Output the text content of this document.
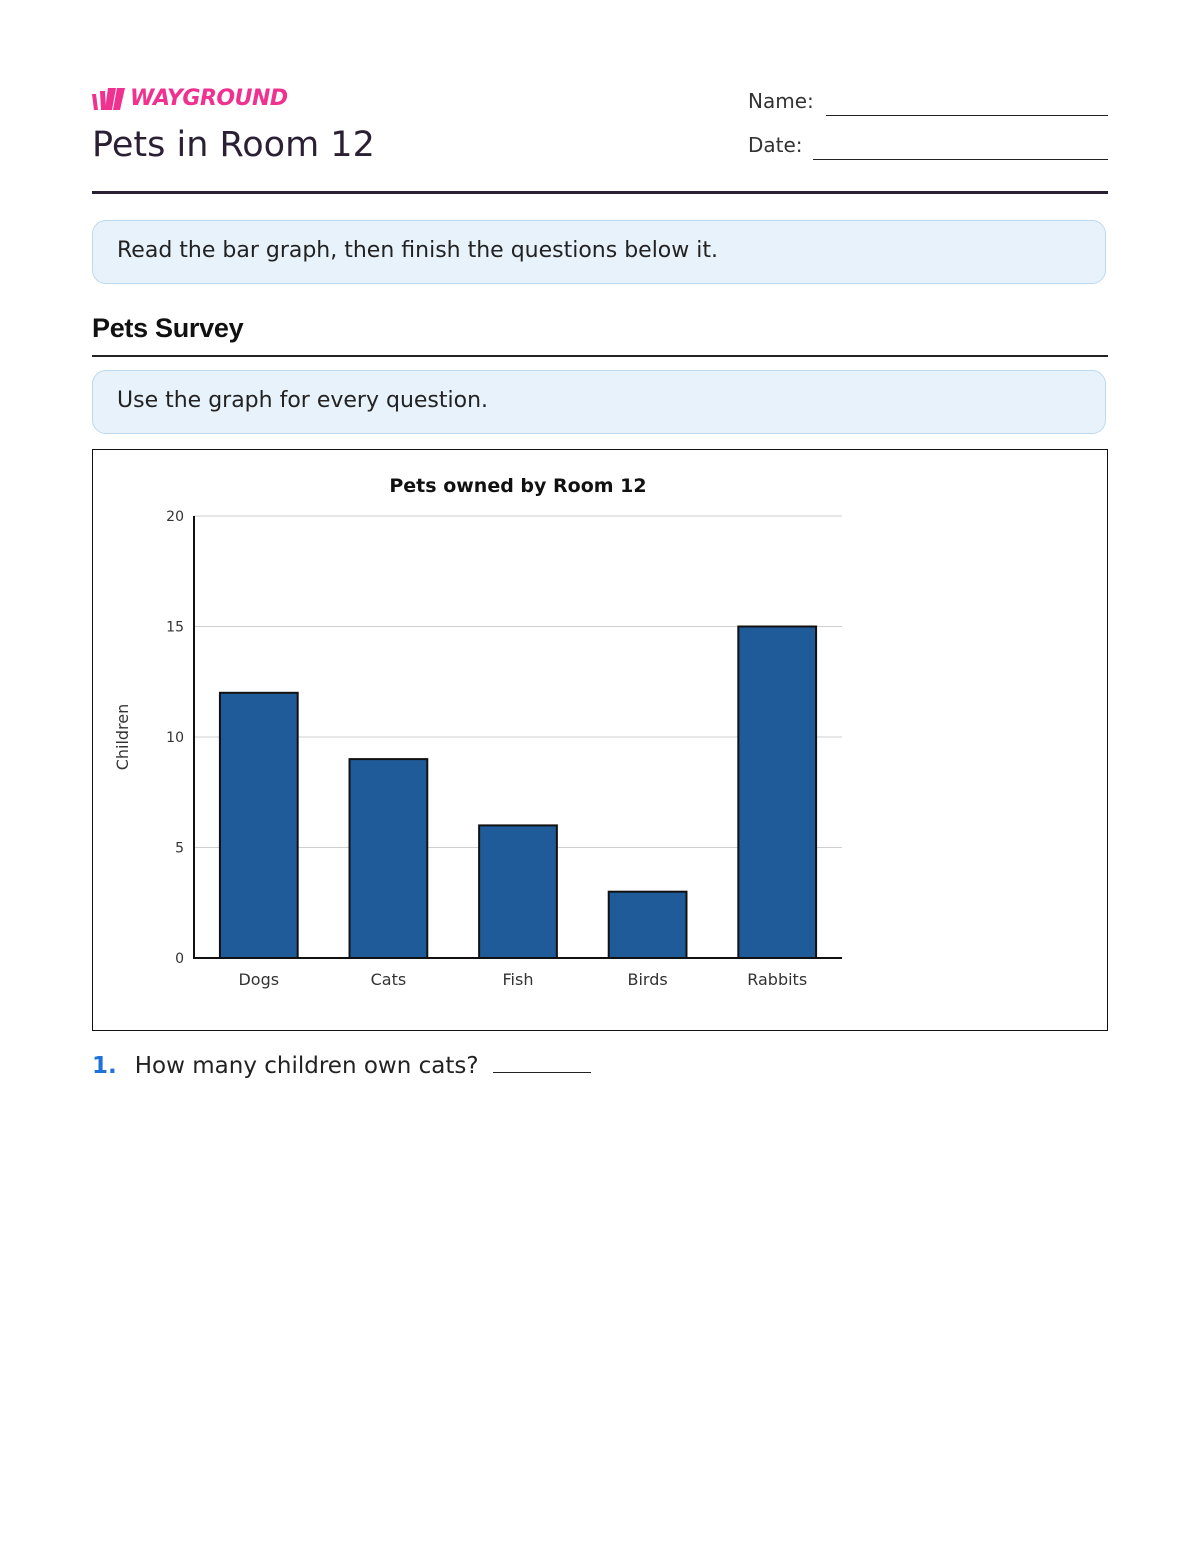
WAYGROUND
Pets in Room 12
Name:
Date:
Read the bar graph, then finish the questions below it.
Pets Survey
Use the graph for every question.
Pets owned by Room 12
0
5
10
15
20
Children
Dogs	Cats	Fish	Birds	Rabbits
1. How many children own cats?
